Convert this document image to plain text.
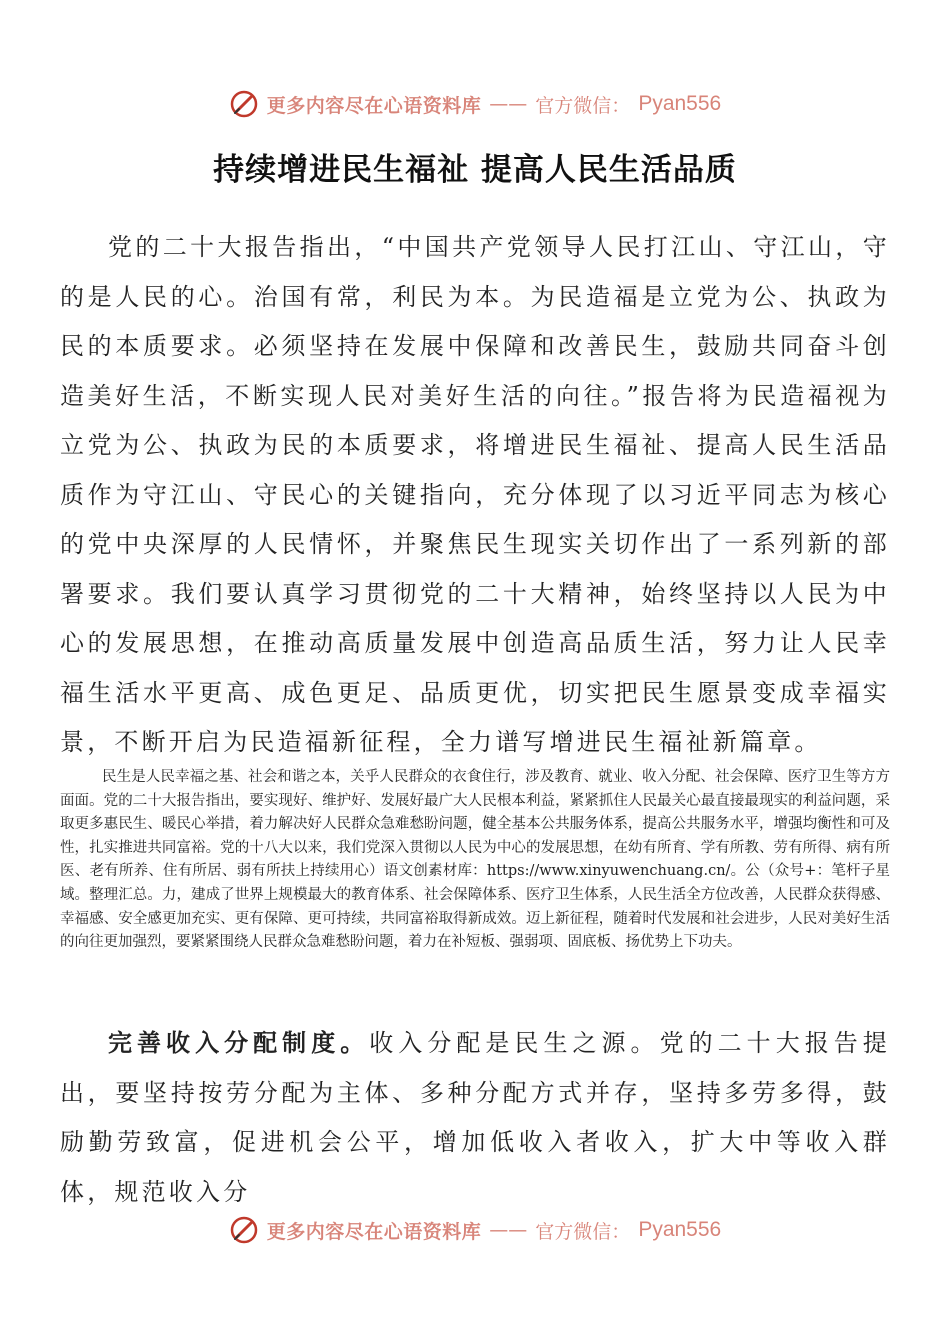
更多内容尽在心语资料库 —— 官方微信： Pyan556
持续增进民生福祉 提高人民生活品质

党的二十大报告指出，“中国共产党领导人民打江山、守江山，守的是人民的心。治国有常，利民为本。为民造福是立党为公、执政为民的本质要求。必须坚持在发展中保障和改善民生，鼓励共同奋斗创造美好生活，不断实现人民对美好生活的向往。”报告将为民造福视为立党为公、执政为民的本质要求，将增进民生福祉、提高人民生活品质作为守江山、守民心的关键指向，充分体现了以习近平同志为核心的党中央深厚的人民情怀，并聚焦民生现实关切作出了一系列新的部署要求。我们要认真学习贯彻党的二十大精神，始终坚持以人民为中心的发展思想，在推动高质量发展中创造高品质生活，努力让人民幸福生活水平更高、成色更足、品质更优，切实把民生愿景变成幸福实景，不断开启为民造福新征程，全力谱写增进民生福祉新篇章。

民生是人民幸福之基、社会和谐之本，关乎人民群众的衣食住行，涉及教育、就业、收入分配、社会保障、医疗卫生等方方面面。党的二十大报告指出，要实现好、维护好、发展好最广大人民根本利益，紧紧抓住人民最关心最直接最现实的利益问题，采取更多惠民生、暖民心举措，着力解决好人民群众急难愁盼问题，健全基本公共服务体系，提高公共服务水平，增强均衡性和可及性，扎实推进共同富裕。党的十八大以来，我们党深入贯彻以人民为中心的发展思想，在幼有所育、学有所教、劳有所得、病有所医、老有所养、住有所居、弱有所扶上持续用心）语文创素材库：https://www.xinyuwenchuang.cn/。公（众号+：笔杆子星域。整理汇总。力，建成了世界上规模最大的教育体系、社会保障体系、医疗卫生体系，人民生活全方位改善，人民群众获得感、幸福感、安全感更加充实、更有保障、更可持续，共同富裕取得新成效。迈上新征程，随着时代发展和社会进步，人民对美好生活的向往更加强烈，要紧紧围绕人民群众急难愁盼问题，着力在补短板、强弱项、固底板、扬优势上下功夫。

完善收入分配制度。收入分配是民生之源。党的二十大报告提出，要坚持按劳分配为主体、多种分配方式并存，坚持多劳多得，鼓励勤劳致富，促进机会公平，增加低收入者收入，扩大中等收入群体，规范收入分

更多内容尽在心语资料库 —— 官方微信： Pyan556
